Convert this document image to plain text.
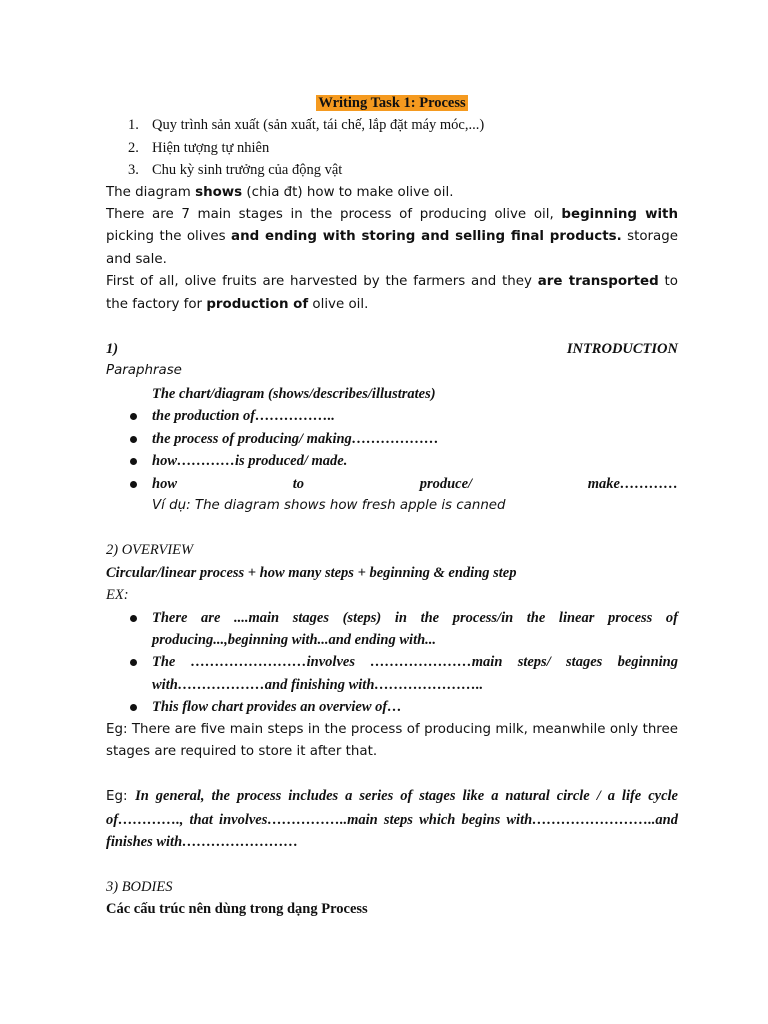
Writing Task 1: Process
1. Quy trình sản xuất (sản xuất, tái chế, lắp đặt máy móc,...)
2. Hiện tượng tự nhiên
3. Chu kỳ sinh trưởng của động vật

The diagram shows (chia đt) how to make olive oil.

There are 7 main stages in the process of producing olive oil, beginning with picking the olives and ending with storing and selling final products. storage and sale.

First of all, olive fruits are harvested by the farmers and they are transported to the factory for production of olive oil.

1)	INTRODUCTION

Paraphrase

The chart/diagram (shows/describes/illustrates)

the production of……………..
the process of producing/ making………………
how…………is produced/ made.
how to produce/ make…………

Ví dụ: The diagram shows how fresh apple is canned

2) OVERVIEW

Circular/linear process + how many steps + beginning & ending step

EX:

There are ....main stages (steps) in the process/in the linear process of producing...,beginning with...and ending with...
The ……………………involves …………………main steps/ stages beginning with………………and finishing with…………………..
This flow chart provides an overview of…

Eg: There are five main steps in the process of producing milk, meanwhile only three stages are required to store it after that.

Eg: In general, the process includes a series of stages like a natural circle / a life cycle of…………., that involves……………..main steps which begins with……………………..and finishes with……………………

3) BODIES

Các cấu trúc nên dùng trong dạng Process
